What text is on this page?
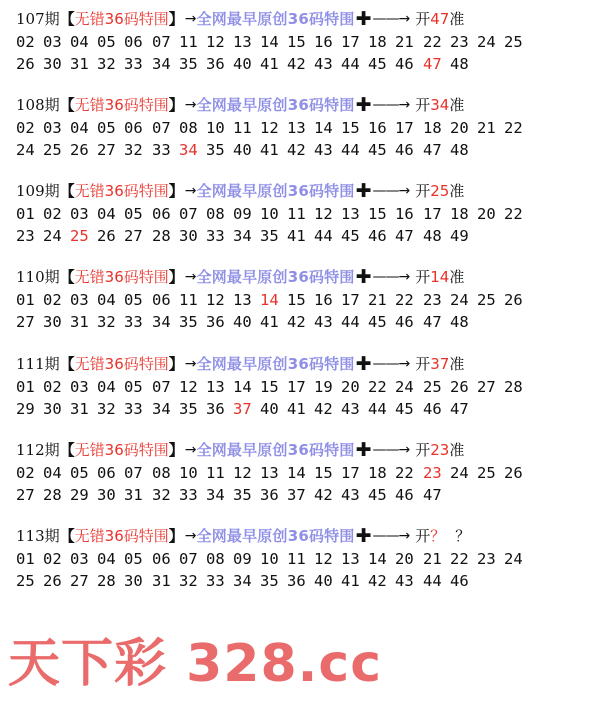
107期【无错36码特围】→全网最早原创36码特围✚——→ 开47准
02 03 04 05 06 07 11 12 13 14 15 16 17 18 21 22 23 24 25
26 30 31 32 33 34 35 36 40 41 42 43 44 45 46 47 48
108期【无错36码特围】→全网最早原创36码特围✚——→ 开34准
02 03 04 05 06 07 08 10 11 12 13 14 15 16 17 18 20 21 22
24 25 26 27 32 33 34 35 40 41 42 43 44 45 46 47 48
109期【无错36码特围】→全网最早原创36码特围✚——→ 开25准
01 02 03 04 05 06 07 08 09 10 11 12 13 15 16 17 18 20 22
23 24 25 26 27 28 30 33 34 35 41 44 45 46 47 48 49
110期【无错36码特围】→全网最早原创36码特围✚——→ 开14准
01 02 03 04 05 06 11 12 13 14 15 16 17 21 22 23 24 25 26
27 30 31 32 33 34 35 36 40 41 42 43 44 45 46 47 48
111期【无错36码特围】→全网最早原创36码特围✚——→ 开37准
01 02 03 04 05 07 12 13 14 15 17 19 20 22 24 25 26 27 28
29 30 31 32 33 34 35 36 37 40 41 42 43 44 45 46 47
112期【无错36码特围】→全网最早原创36码特围✚——→ 开23准
02 04 05 06 07 08 10 11 12 13 14 15 17 18 22 23 24 25 26
27 28 29 30 31 32 33 34 35 36 37 42 43 45 46 47
113期【无错36码特围】→全网最早原创36码特围✚——→ 开？ ？
01 02 03 04 05 06 07 08 09 10 11 12 13 14 20 21 22 23 24
25 26 27 28 30 31 32 33 34 35 36 40 41 42 43 44 46
天下彩 328.cc
